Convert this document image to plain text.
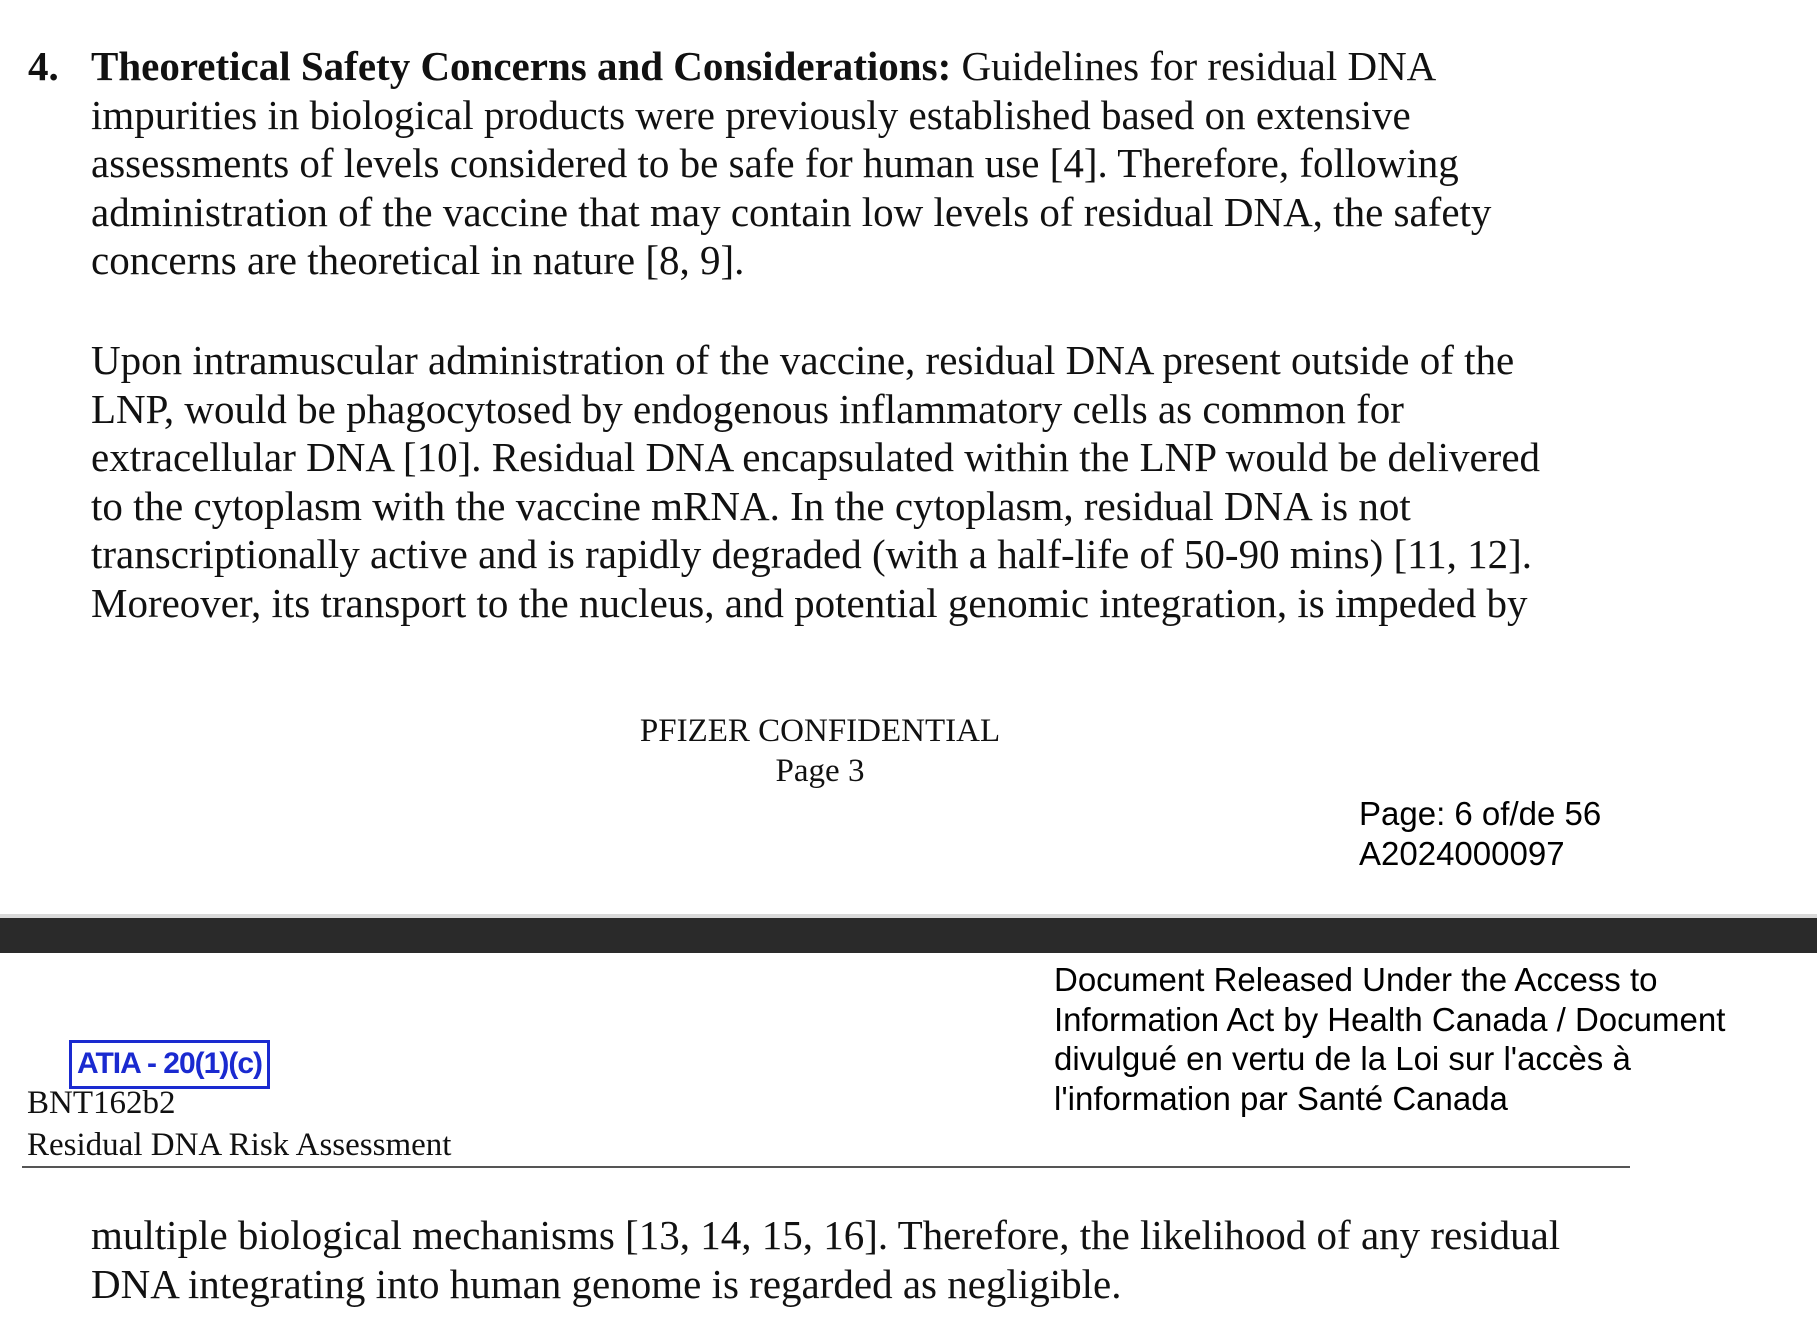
4. Theoretical Safety Concerns and Considerations: Guidelines for residual DNA
impurities in biological products were previously established based on extensive
assessments of levels considered to be safe for human use [4]. Therefore, following
administration of the vaccine that may contain low levels of residual DNA, the safety
concerns are theoretical in nature [8, 9].
Upon intramuscular administration of the vaccine, residual DNA present outside of the
LNP, would be phagocytosed by endogenous inflammatory cells as common for
extracellular DNA [10]. Residual DNA encapsulated within the LNP would be delivered
to the cytoplasm with the vaccine mRNA. In the cytoplasm, residual DNA is not
transcriptionally active and is rapidly degraded (with a half-life of 50-90 mins) [11, 12].
Moreover, its transport to the nucleus, and potential genomic integration, is impeded by
PFIZER CONFIDENTIAL
Page 3
Page: 6 of/de 56
A2024000097
Document Released Under the Access to
Information Act by Health Canada / Document
divulgué en vertu de la Loi sur l'accès à
l'information par Santé Canada
ATIA - 20(1)(c)
BNT162b2
Residual DNA Risk Assessment
multiple biological mechanisms [13, 14, 15, 16]. Therefore, the likelihood of any residual
DNA integrating into human genome is regarded as negligible.
